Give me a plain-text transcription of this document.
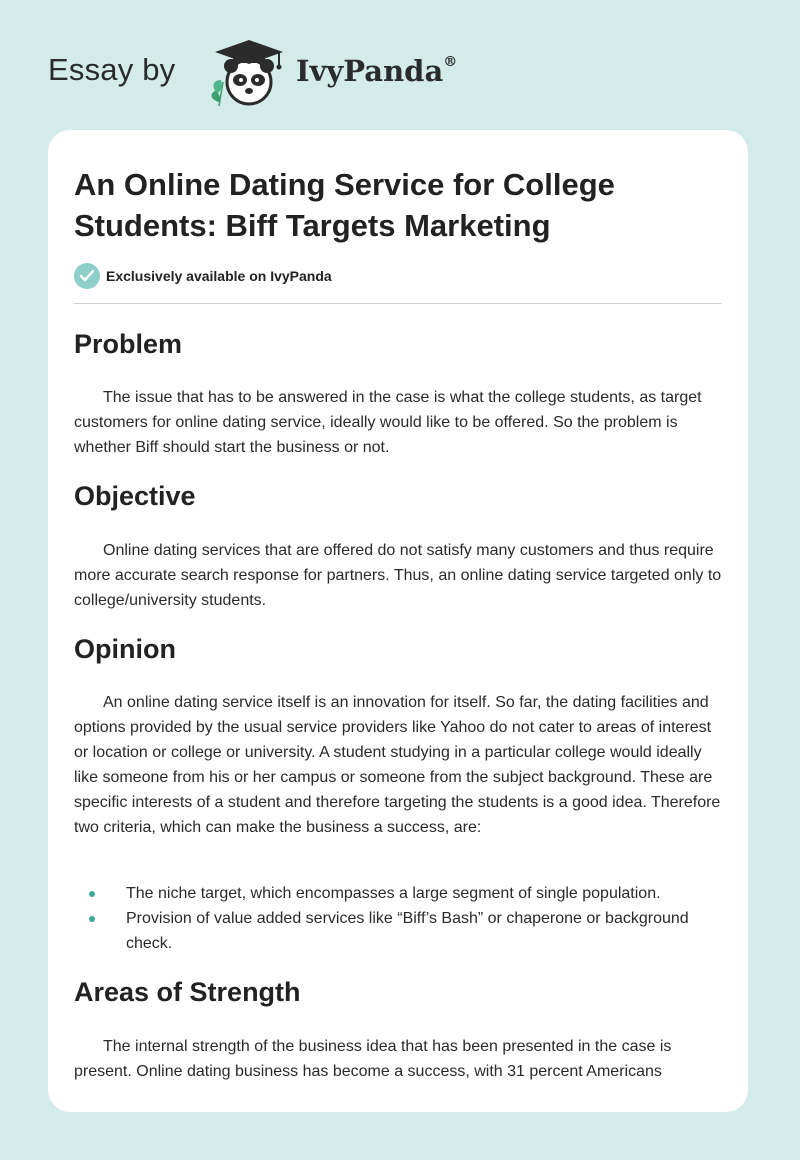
Essay by	IvyPanda®
An Online Dating Service for College Students: Biff Targets Marketing
Exclusively available on IvyPanda
Problem

The issue that has to be answered in the case is what the college students, as target customers for online dating service, ideally would like to be offered. So the problem is whether Biff should start the business or not.

Objective

Online dating services that are offered do not satisfy many customers and thus require more accurate search response for partners. Thus, an online dating service targeted only to college/university students.

Opinion

An online dating service itself is an innovation for itself. So far, the dating facilities and options provided by the usual service providers like Yahoo do not cater to areas of interest or location or college or university. A student studying in a particular college would ideally like someone from his or her campus or someone from the subject background. These are specific interests of a student and therefore targeting the students is a good idea. Therefore two criteria, which can make the business a success, are:

The niche target, which encompasses a large segment of single population.
Provision of value added services like “Biff’s Bash” or chaperone or background check.
Areas of Strength

The internal strength of the business idea that has been presented in the case is present. Online dating business has become a success, with 31 percent Americans
